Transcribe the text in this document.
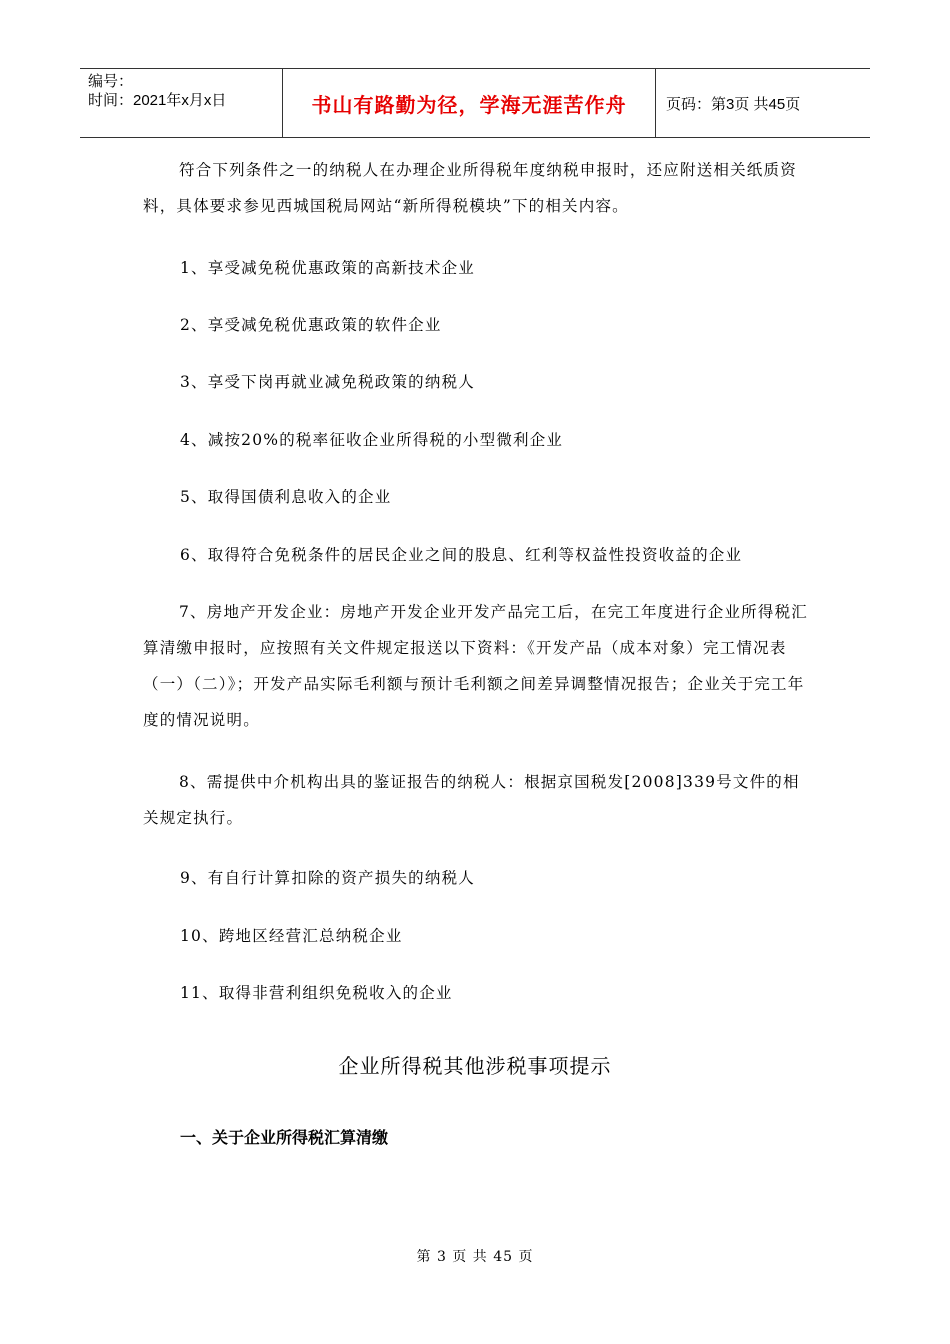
编号：
时间：2021年x月x日	书山有路勤为径，学海无涯苦作舟	页码：第3页 共45页

符合下列条件之一的纳税人在办理企业所得税年度纳税申报时，还应附送相关纸质资料，具体要求参见西城国税局网站“新所得税模块”下的相关内容。

1、享受减免税优惠政策的高新技术企业

2、享受减免税优惠政策的软件企业

3、享受下岗再就业减免税政策的纳税人

4、减按20%的税率征收企业所得税的小型微利企业

5、取得国债利息收入的企业

6、取得符合免税条件的居民企业之间的股息、红利等权益性投资收益的企业

7、房地产开发企业：房地产开发企业开发产品完工后，在完工年度进行企业所得税汇算清缴申报时，应按照有关文件规定报送以下资料：《开发产品（成本对象）完工情况表（一）（二）》；开发产品实际毛利额与预计毛利额之间差异调整情况报告；企业关于完工年度的情况说明。

8、需提供中介机构出具的鉴证报告的纳税人：根据京国税发[2008]339号文件的相关规定执行。

9、有自行计算扣除的资产损失的纳税人

10、跨地区经营汇总纳税企业

11、取得非营利组织免税收入的企业

企业所得税其他涉税事项提示
一、关于企业所得税汇算清缴
第 3 页 共 45 页
